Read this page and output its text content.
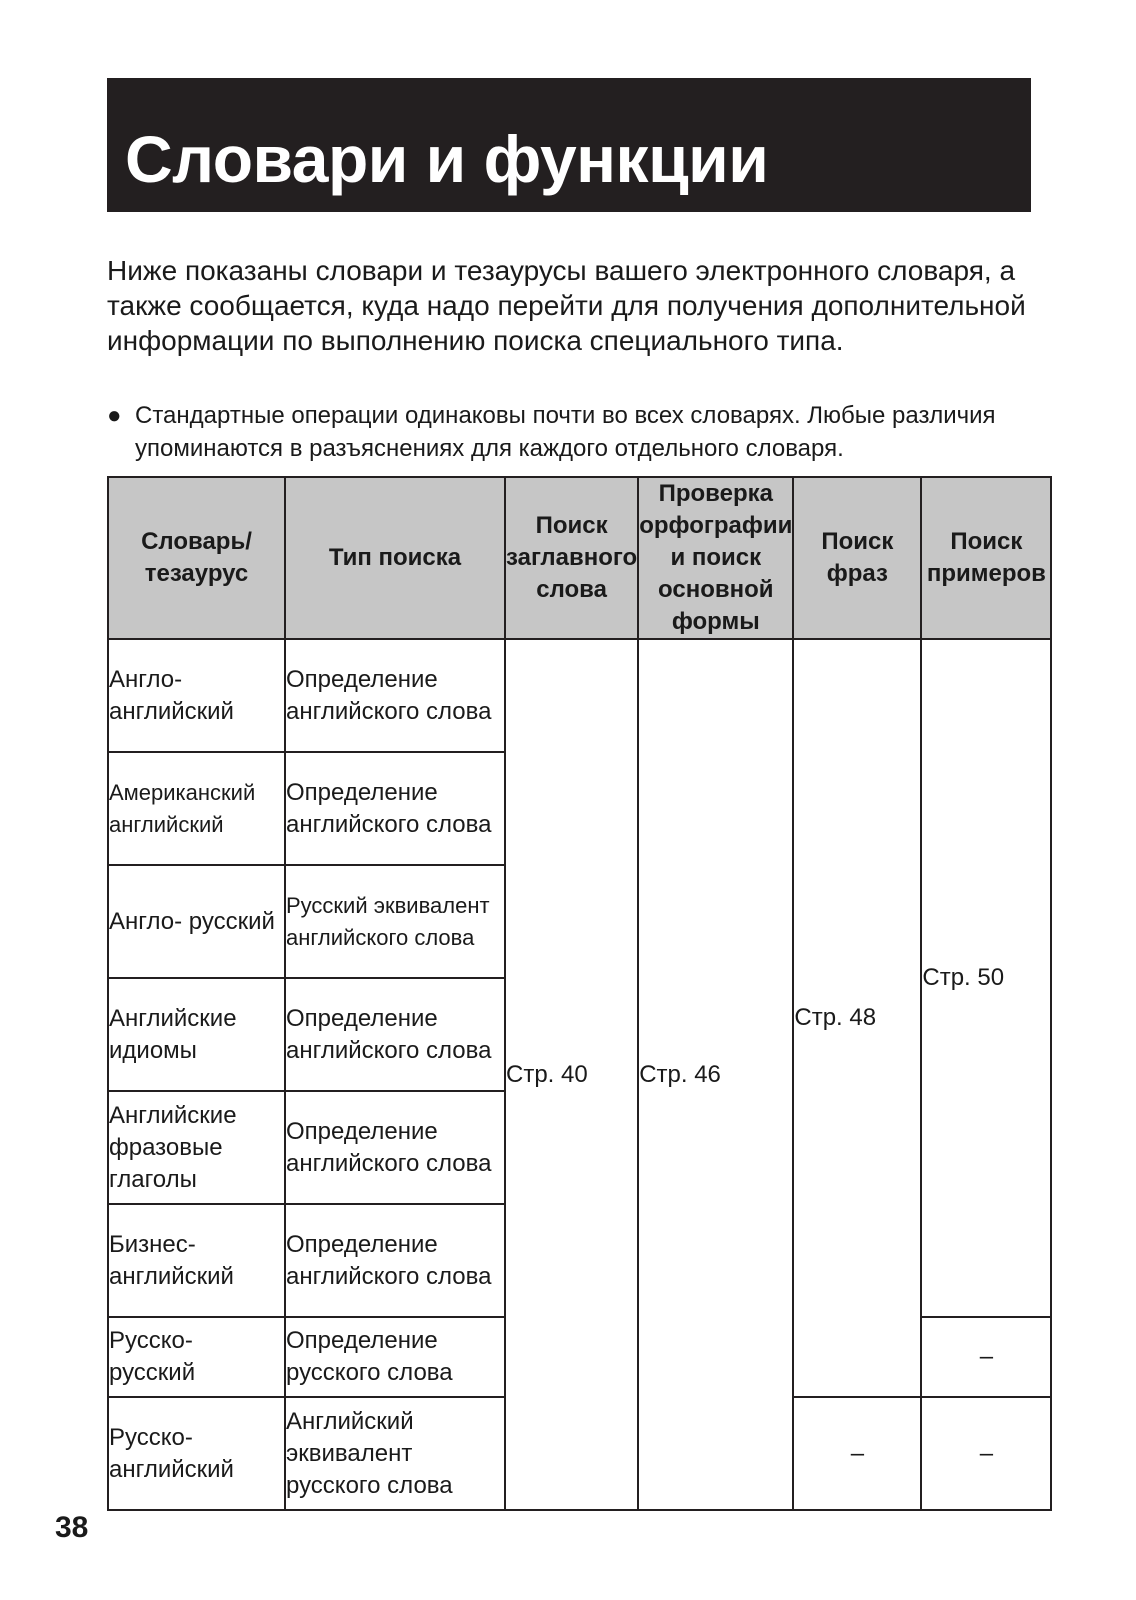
Словари и функции

Ниже показаны словари и тезаурусы вашего электронного словаря, а также сообщается, куда надо перейти для получения дополнительной информации по выполнению поиска специального типа.

● Стандартные операции одинаковы почти во всех словарях. Любые различия упоминаются в разъяснениях для каждого отдельного словаря.

Словарь/ тезаурус	Тип поиска	Поиск заглавного слова	Проверка орфографии и поиск основной формы	Поиск фраз	Поиск примеров
Англо- английский	Определение английского слова	Стр. 40	Стр. 46	Стр. 48	Стр. 50
Американский английский	Определение английского слова				
Англо- русский	Русский эквивалент английского слова				
Английские идиомы	Определение английского слова				
Английские фразовые глаголы	Определение английского слова				
Бизнес- английский	Определение английского слова				
Русско- русский	Определение русского слова				–
Русско- английский	Английский эквивалент русского слова			–	–
38
